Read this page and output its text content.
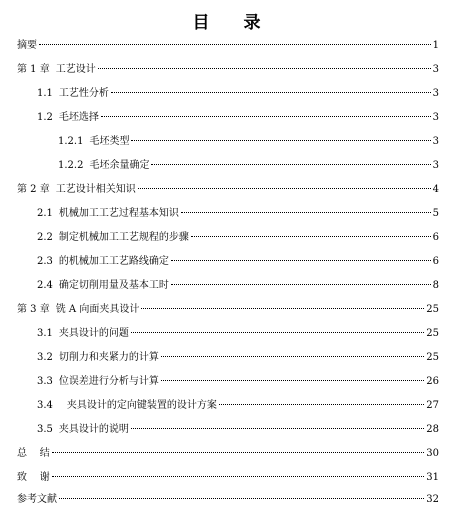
目 录
摘要	1
第 1 章 工艺设计	3
1.1 工艺性分析	3
1.2 毛坯选择	3
1.2.1 毛坯类型	3
1.2.2 毛坯余量确定	3
第 2 章 工艺设计相关知识	4
2.1 机械加工工艺过程基本知识	5
2.2 制定机械加工工艺规程的步骤	6
2.3 的机械加工工艺路线确定	6
2.4 确定切削用量及基本工时	8
第 3 章 铣 A 向面夹具设计	25
3.1 夹具设计的问题	25
3.2 切削力和夹紧力的计算	25
3.3 位误差进行分析与计算	26
3.4 夹具设计的定向键装置的设计方案	27
3.5 夹具设计的说明	28
总    结	30
致    谢	31
参考文献	32
